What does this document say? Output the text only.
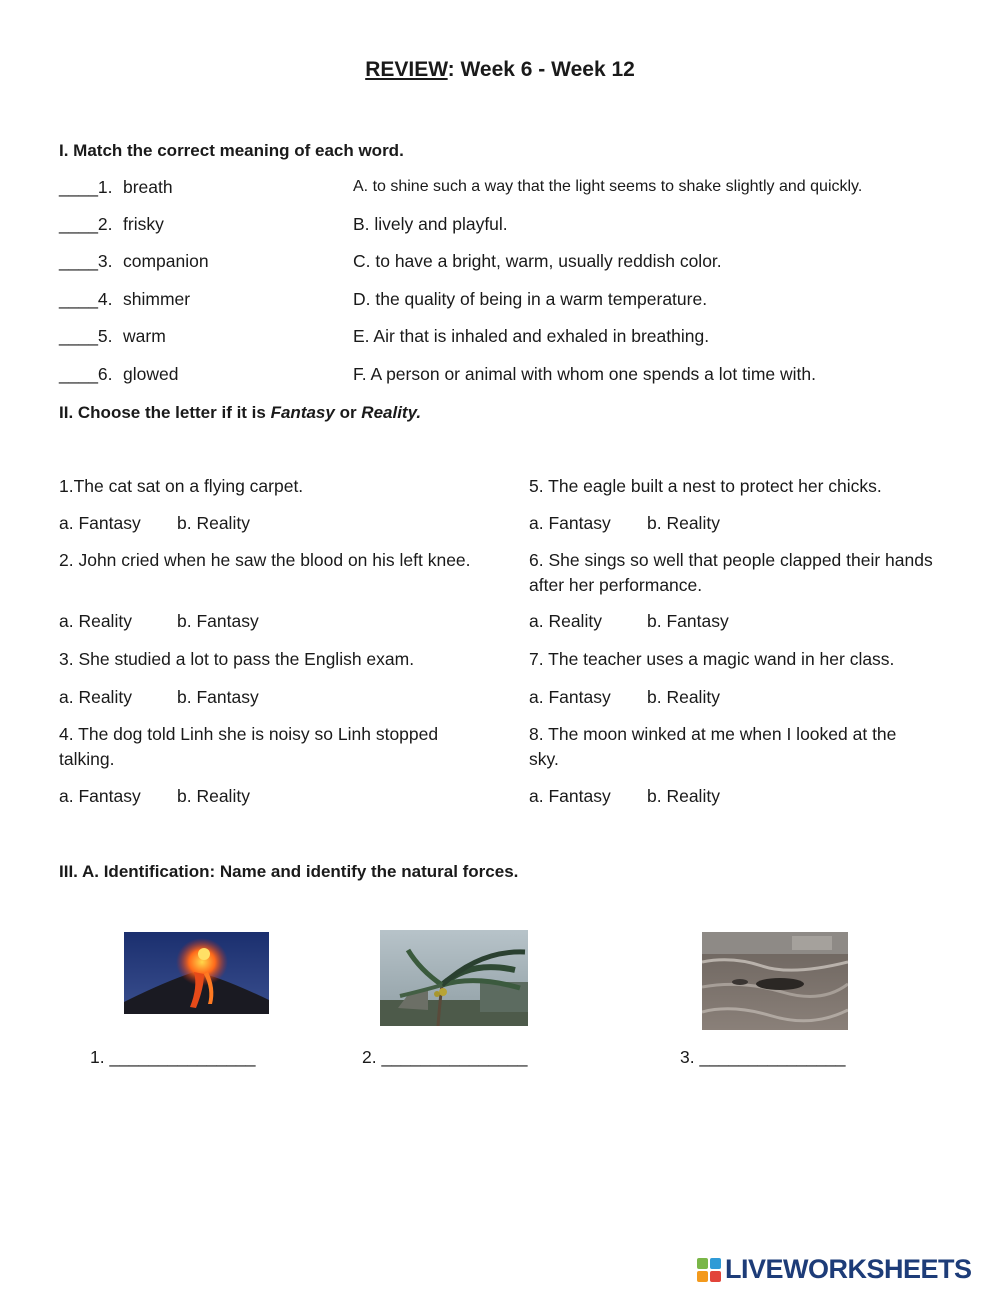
REVIEW: Week 6 - Week 12
I. Match the correct meaning of each word.
____1. breath	A. to shine such a way that the light seems to shake slightly and quickly.
____2. frisky	B. lively and playful.
____3. companion	C. to have a bright, warm, usually reddish color.
____4. shimmer	D. the quality of being in a warm temperature.
____5. warm	E. Air that is inhaled and exhaled in breathing.
____6. glowed	F. A person or animal with whom one spends a lot time with.
II. Choose the letter if it is Fantasy or Reality.
1.The cat sat on a flying carpet.
a. Fantasy b. Reality
2. John cried when he saw the blood on his left knee.
a. Reality	b. Fantasy
3. She studied a lot to pass the English exam.
a. Reality	b. Fantasy
4. The dog told Linh she is noisy so Linh stopped talking.
a. Fantasy b. Reality
5. The eagle built a nest to protect her chicks.
a. Fantasy b. Reality
6. She sings so well that people clapped their hands after her performance.
a. Reality	b. Fantasy
7. The teacher uses a magic wand in her class.
a. Fantasy b. Reality
8. The moon winked at me when I looked at the sky.
a. Fantasy b. Reality
III. A. Identification: Name and identify the natural forces.
1. _______________	2. _______________	3. _______________
LIVEWORKSHEETS
